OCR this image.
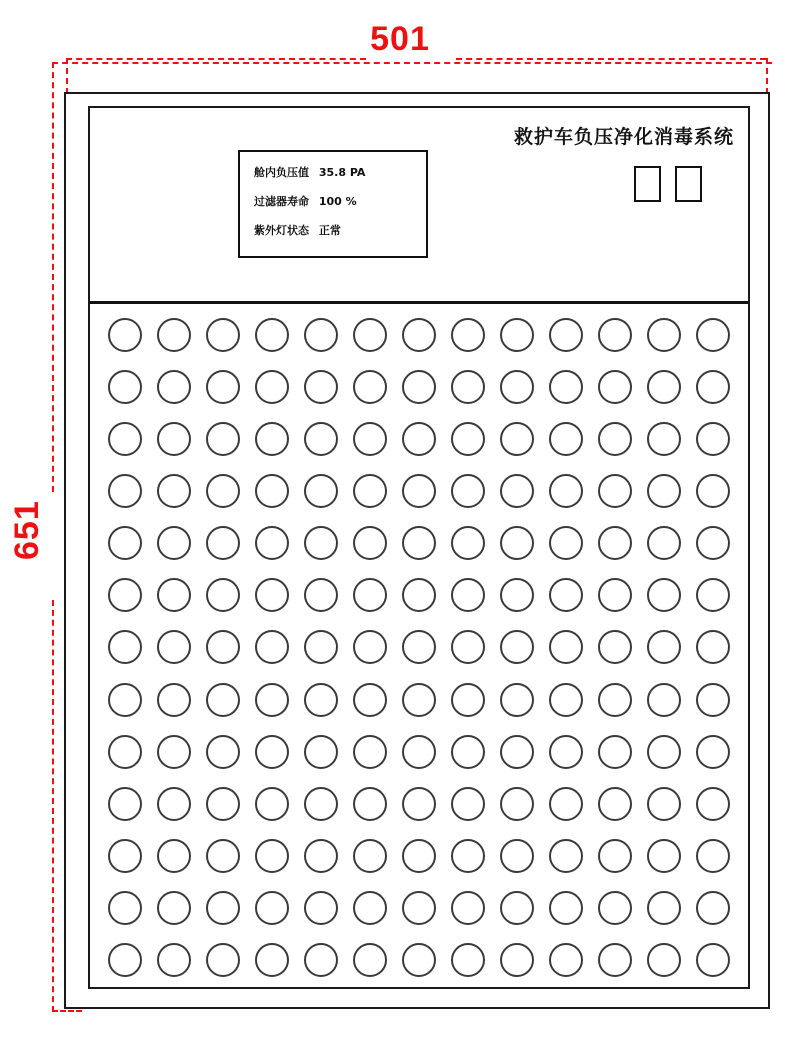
501
651
救护车负压净化消毒系统
舱内负压值 35.8 PA
过滤器寿命 100 %
紫外灯状态 正常
